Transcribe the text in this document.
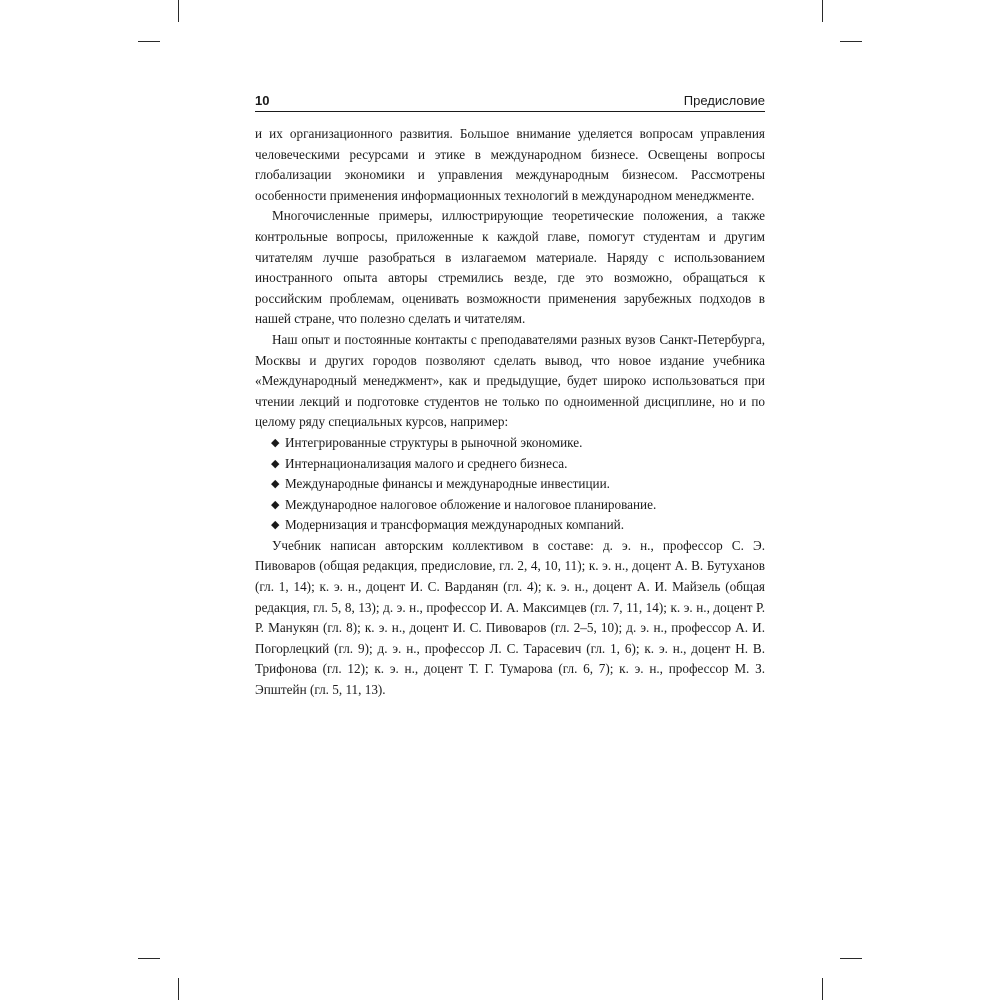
10	Предисловие

и их организационного развития. Большое внимание уделяется вопросам управления человеческими ресурсами и этике в международном бизнесе. Освещены вопросы глобализации экономики и управления международным бизнесом. Рассмотрены особенности применения информационных технологий в международном менеджменте.

Многочисленные примеры, иллюстрирующие теоретические положения, а также контрольные вопросы, приложенные к каждой главе, помогут студентам и другим читателям лучше разобраться в излагаемом материале. Наряду с использованием иностранного опыта авторы стремились везде, где это возможно, обращаться к российским проблемам, оценивать возможности применения зарубежных подходов в нашей стране, что полезно сделать и читателям.

Наш опыт и постоянные контакты с преподавателями разных вузов Санкт-Петербурга, Москвы и других городов позволяют сделать вывод, что новое издание учебника «Международный менеджмент», как и предыдущие, будет широко использоваться при чтении лекций и подготовке студентов не только по одноименной дисциплине, но и по целому ряду специальных курсов, например:

◆ Интегрированные структуры в рыночной экономике.
◆ Интернационализация малого и среднего бизнеса.
◆ Международные финансы и международные инвестиции.
◆ Международное налоговое обложение и налоговое планирование.
◆ Модернизация и трансформация международных компаний.

Учебник написан авторским коллективом в составе: д. э. н., профессор С. Э. Пивоваров (общая редакция, предисловие, гл. 2, 4, 10, 11); к. э. н., доцент А. В. Бутуханов (гл. 1, 14); к. э. н., доцент И. С. Варданян (гл. 4); к. э. н., доцент А. И. Майзель (общая редакция, гл. 5, 8, 13); д. э. н., профессор И. А. Максимцев (гл. 7, 11, 14); к. э. н., доцент Р. Р. Манукян (гл. 8); к. э. н., доцент И. С. Пивоваров (гл. 2–5, 10); д. э. н., профессор А. И. Погорлецкий (гл. 9); д. э. н., профессор Л. С. Тарасевич (гл. 1, 6); к. э. н., доцент Н. В. Трифонова (гл. 12); к. э. н., доцент Т. Г. Тумарова (гл. 6, 7); к. э. н., профессор М. З. Эпштейн (гл. 5, 11, 13).
